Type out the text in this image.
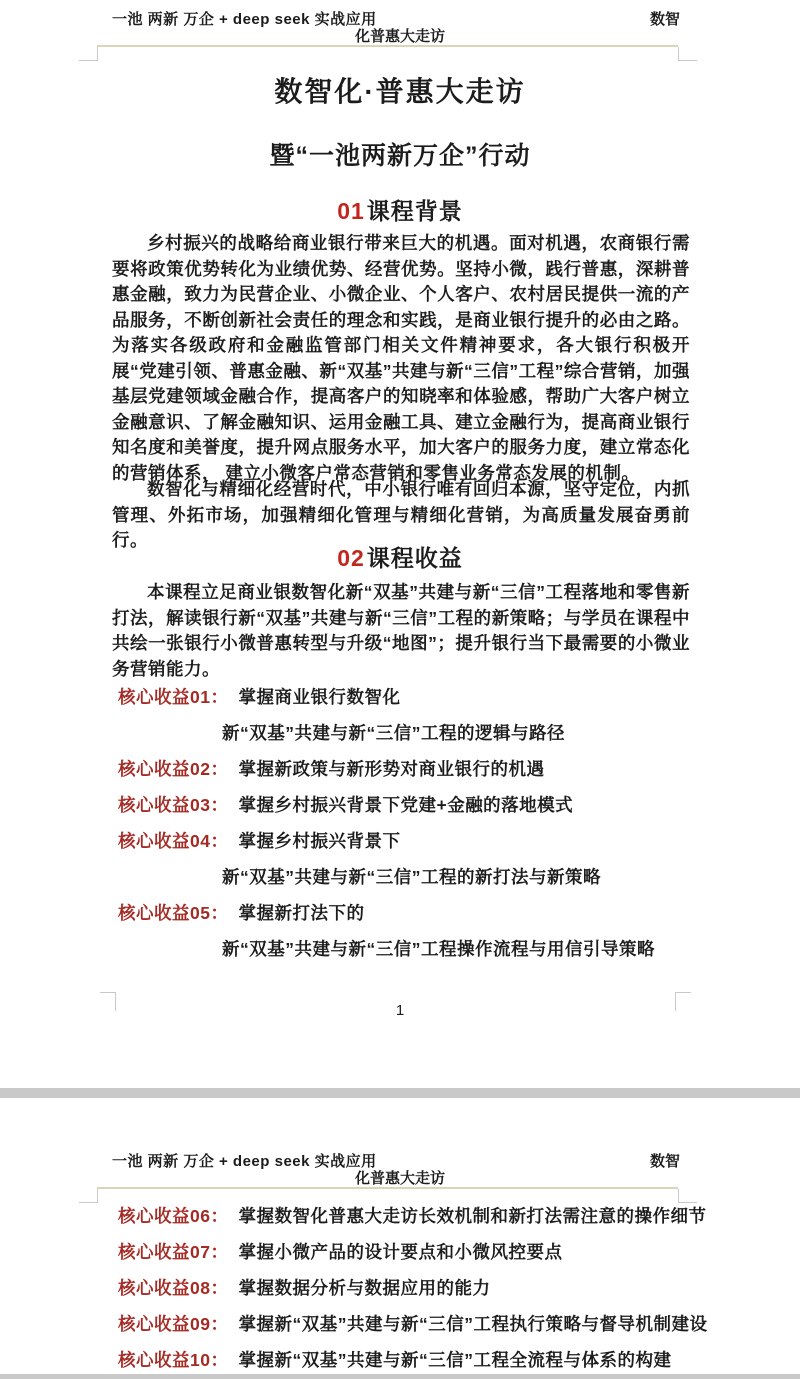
一池 两新 万企 + deep seek 实战应用	数智
化普惠大走访
数智化·普惠大走访
暨“一池两新万企”行动
01课程背景
乡村振兴的战略给商业银行带来巨大的机遇。面对机遇，农商银行需要将政策优势转化为业绩优势、经营优势。坚持小微，践行普惠，深耕普惠金融，致力为民营企业、小微企业、个人客户、农村居民提供一流的产品服务，不断创新社会责任的理念和实践，是商业银行提升的必由之路。为落实各级政府和金融监管部门相关文件精神要求，各大银行积极开展“党建引领、普惠金融、新“双基”共建与新“三信”工程”综合营销，加强基层党建领域金融合作，提高客户的知晓率和体验感，帮助广大客户树立金融意识、了解金融知识、运用金融工具、建立金融行为，提高商业银行知名度和美誉度，提升网点服务水平，加大客户的服务力度，建立常态化的营销体系， 建立小微客户常态营销和零售业务常态发展的机制。
数智化与精细化经营时代，中小银行唯有回归本源，坚守定位，内抓管理、外拓市场，加强精细化管理与精细化营销，为高质量发展奋勇前行。
02课程收益
本课程立足商业银数智化新“双基”共建与新“三信”工程落地和零售新打法，解读银行新“双基”共建与新“三信”工程的新策略；与学员在课程中共绘一张银行小微普惠转型与升级“地图”；提升银行当下最需要的小微业务营销能力。
核心收益01： 掌握商业银行数智化
新“双基”共建与新“三信”工程的逻辑与路径
核心收益02： 掌握新政策与新形势对商业银行的机遇
核心收益03： 掌握乡村振兴背景下党建+金融的落地模式
核心收益04： 掌握乡村振兴背景下
新“双基”共建与新“三信”工程的新打法与新策略
核心收益05： 掌握新打法下的
新“双基”共建与新“三信”工程操作流程与用信引导策略
1
一池 两新 万企 + deep seek 实战应用	数智
化普惠大走访
核心收益06： 掌握数智化普惠大走访长效机制和新打法需注意的操作细节
核心收益07： 掌握小微产品的设计要点和小微风控要点
核心收益08： 掌握数据分析与数据应用的能力
核心收益09： 掌握新“双基”共建与新“三信”工程执行策略与督导机制建设
核心收益10： 掌握新“双基”共建与新“三信”工程全流程与体系的构建
